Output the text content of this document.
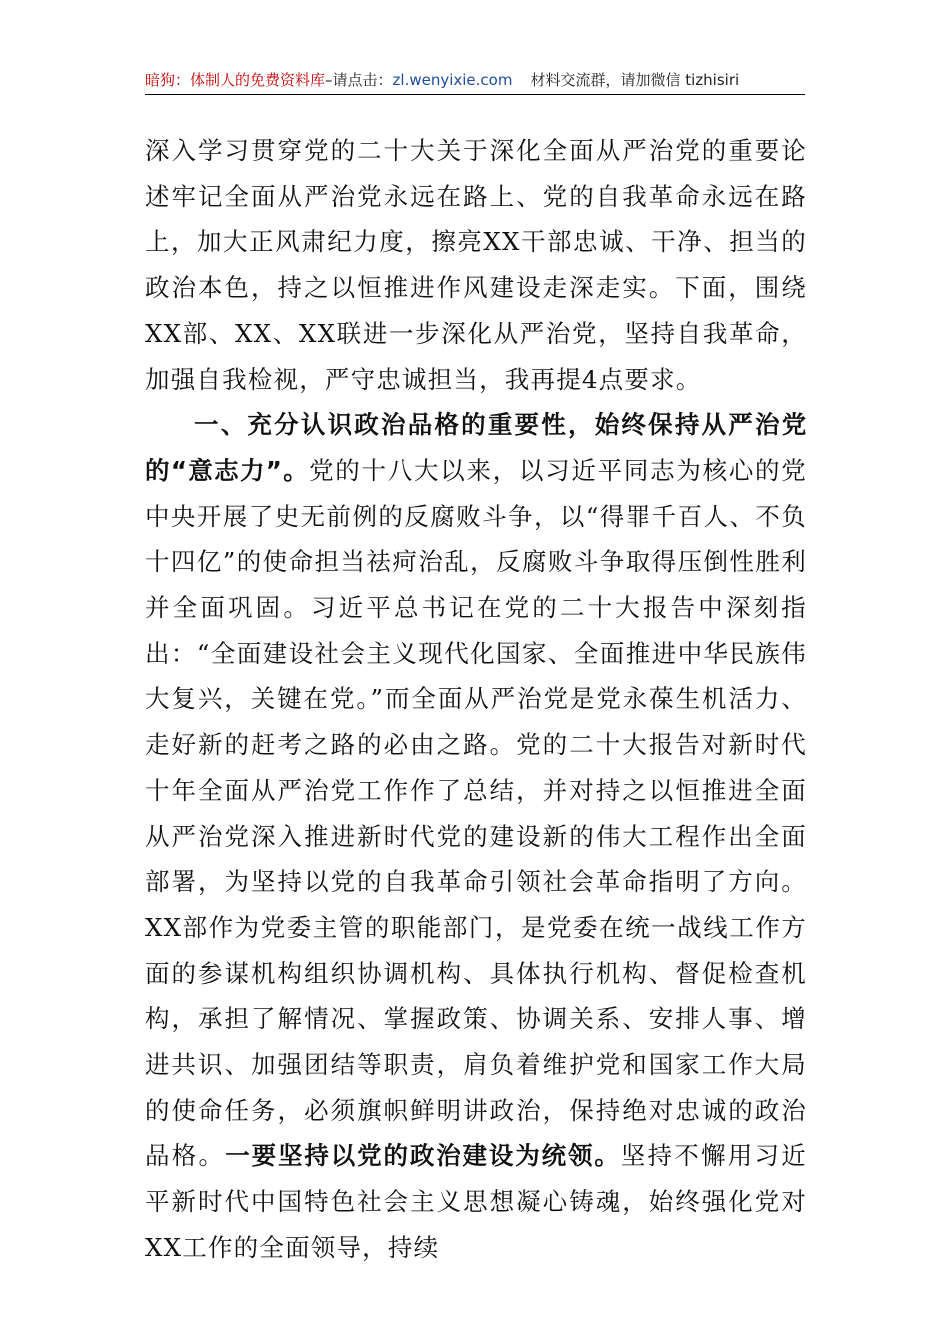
暗狗：体制人的免费资料库–请点击：zl.wenyixie.com 材料交流群，请加微信 tizhisiri

深入学习贯穿党的二十大关于深化全面从严治党的重要论述牢记全面从严治党永远在路上、党的自我革命永远在路上，加大正风肃纪力度，擦亮XX干部忠诚、干净、担当的政治本色，持之以恒推进作风建设走深走实。下面，围绕XX部、XX、XX联进一步深化从严治党，坚持自我革命，加强自我检视，严守忠诚担当，我再提4点要求。

一、充分认识政治品格的重要性，始终保持从严治党的“意志力”。党的十八大以来，以习近平同志为核心的党中央开展了史无前例的反腐败斗争，以“得罪千百人、不负十四亿”的使命担当祛疴治乱，反腐败斗争取得压倒性胜利并全面巩固。习近平总书记在党的二十大报告中深刻指出：“全面建设社会主义现代化国家、全面推进中华民族伟大复兴，关键在党。”而全面从严治党是党永葆生机活力、走好新的赶考之路的必由之路。党的二十大报告对新时代十年全面从严治党工作作了总结，并对持之以恒推进全面从严治党深入推进新时代党的建设新的伟大工程作出全面部署，为坚持以党的自我革命引领社会革命指明了方向。XX部作为党委主管的职能部门，是党委在统一战线工作方面的参谋机构组织协调机构、具体执行机构、督促检查机构，承担了解情况、掌握政策、协调关系、安排人事、增进共识、加强团结等职责，肩负着维护党和国家工作大局的使命任务，必须旗帜鲜明讲政治，保持绝对忠诚的政治品格。一要坚持以党的政治建设为统领。坚持不懈用习近平新时代中国特色社会主义思想凝心铸魂，始终强化党对XX工作的全面领导，持续
